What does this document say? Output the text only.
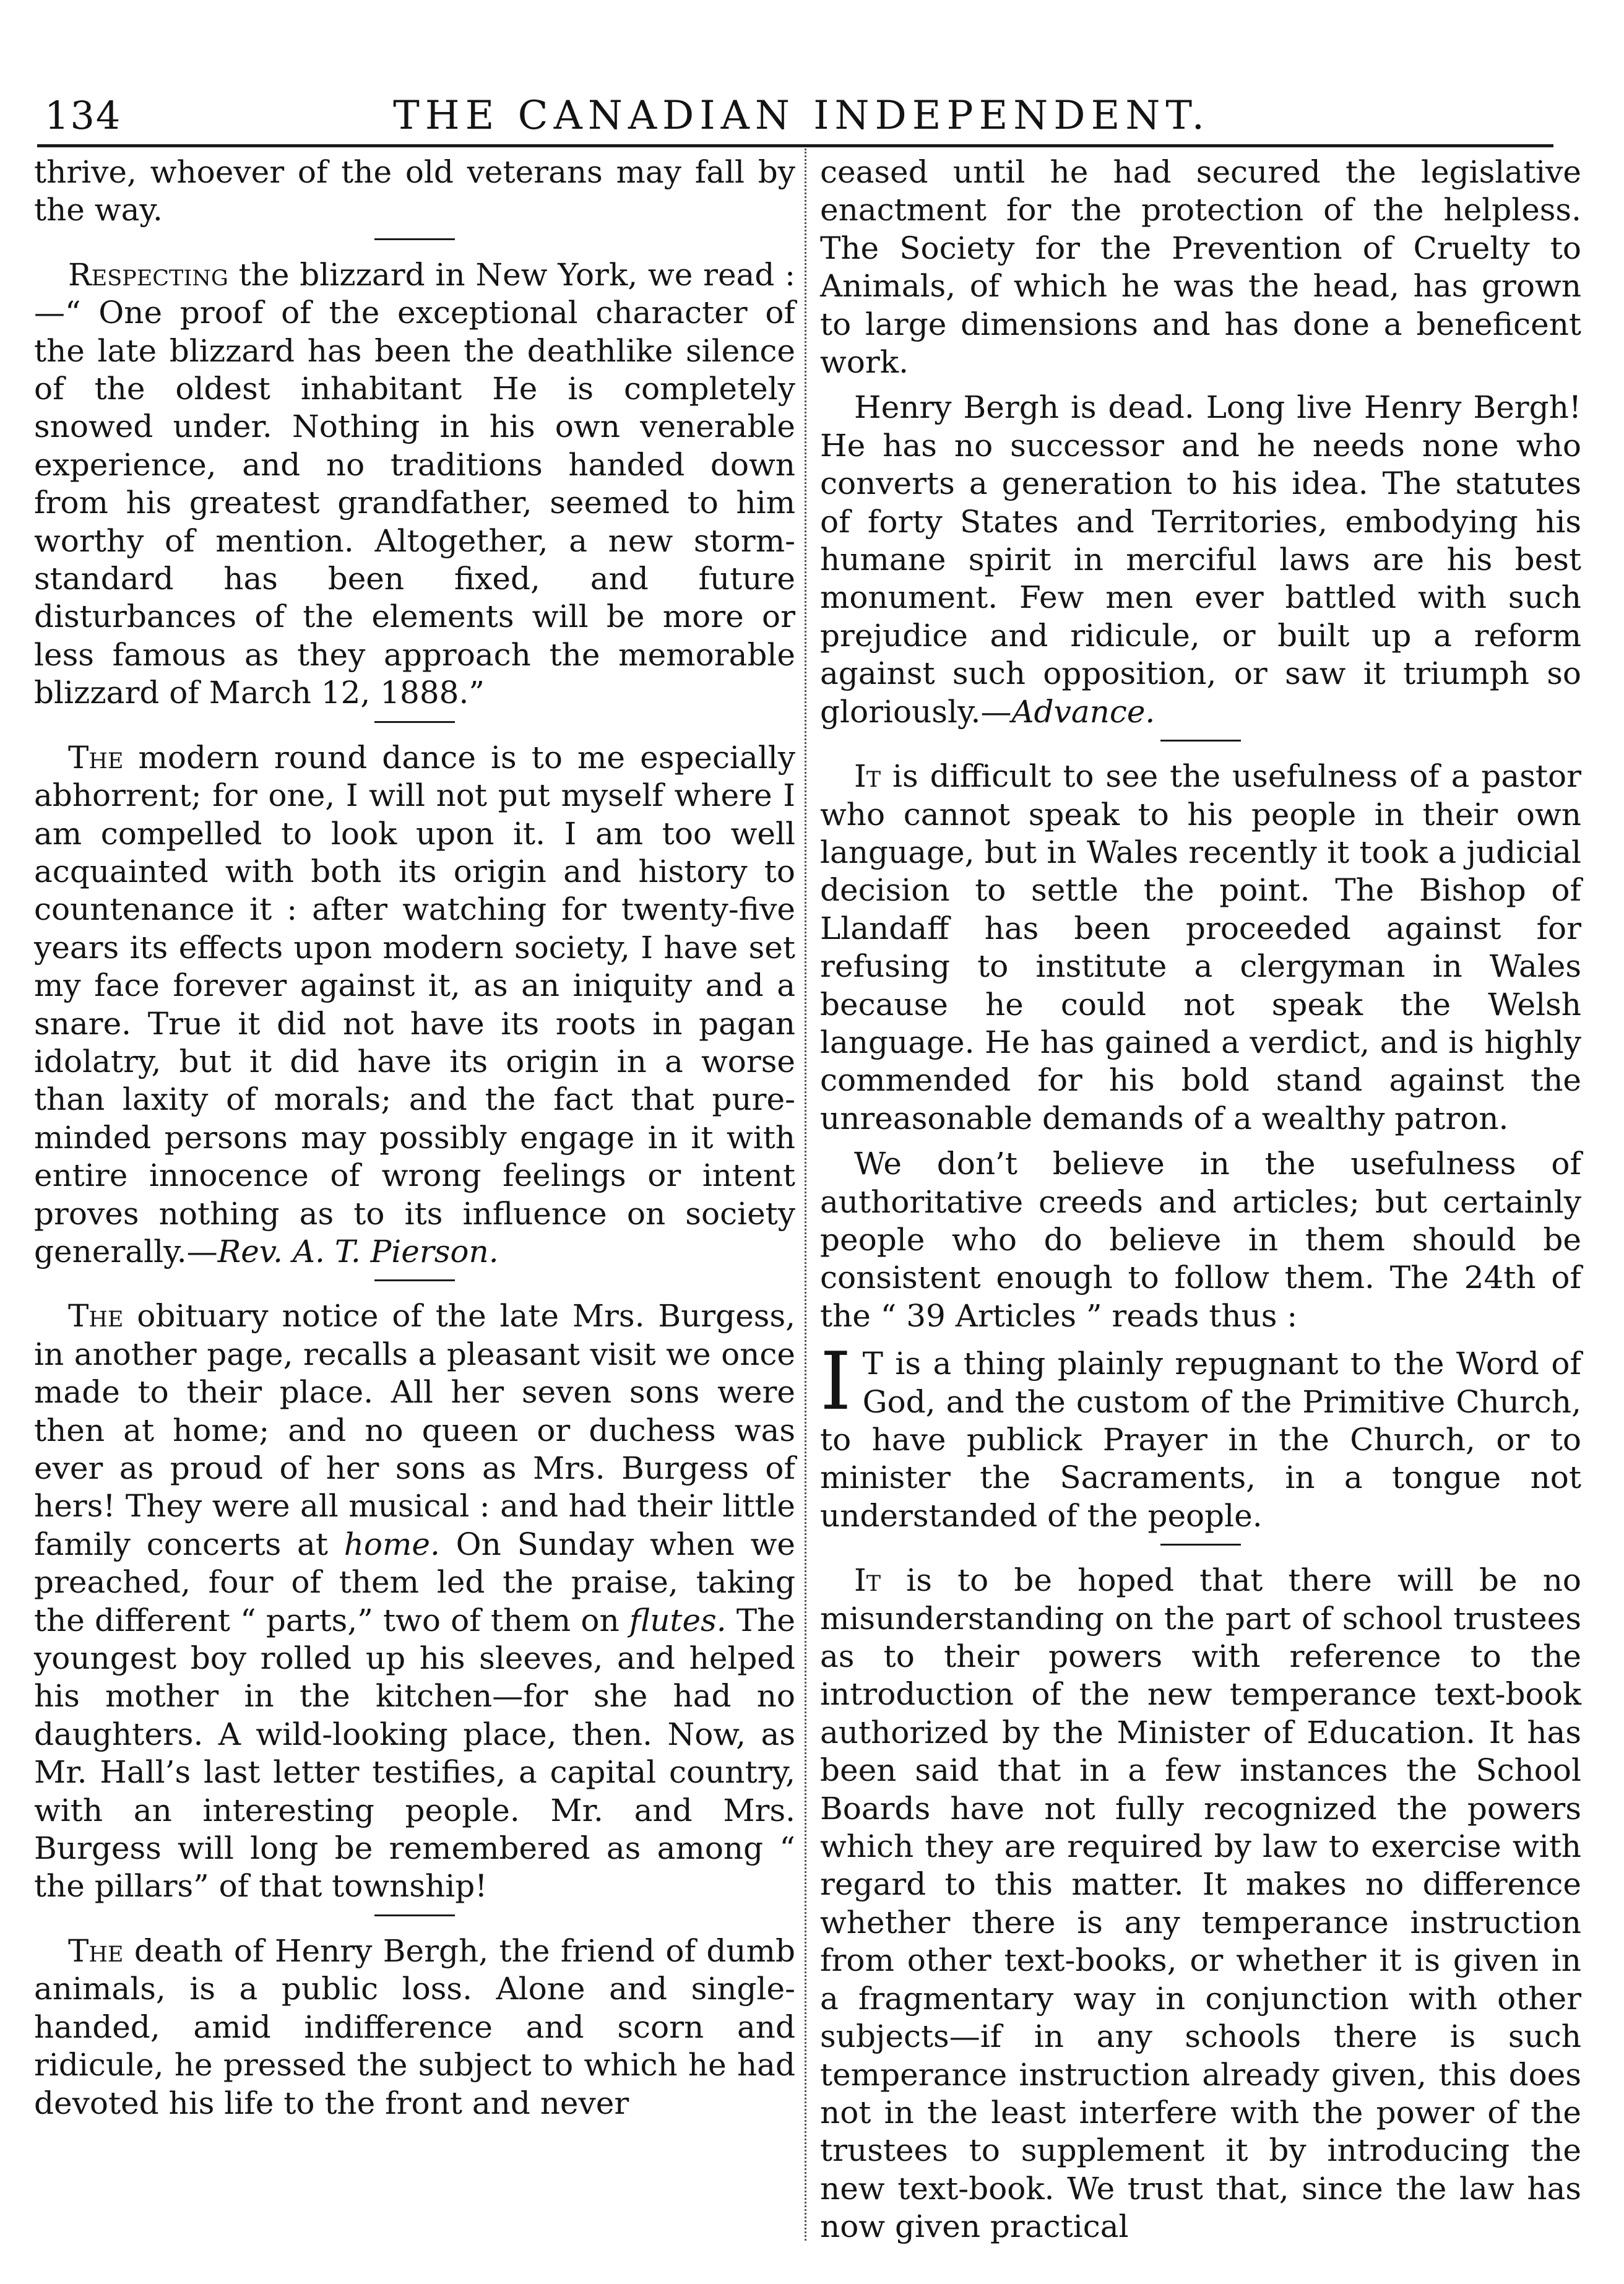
134	THE CANADIAN INDEPENDENT.

thrive, whoever of the old veterans may fall by the way.

Respecting the blizzard in New York, we read :—“ One proof of the exceptional character of the late blizzard has been the deathlike silence of the oldest inhabitant He is completely snowed under. Nothing in his own venerable experience, and no traditions handed down from his greatest grandfather, seemed to him worthy of mention. Altogether, a new storm-standard has been fixed, and future disturbances of the elements will be more or less famous as they approach the memorable blizzard of March 12, 1888.”

The modern round dance is to me especially abhorrent; for one, I will not put myself where I am compelled to look upon it. I am too well acquainted with both its origin and history to countenance it : after watching for twenty-five years its effects upon modern society, I have set my face forever against it, as an iniquity and a snare. True it did not have its roots in pagan idolatry, but it did have its origin in a worse than laxity of morals; and the fact that pure-minded persons may possibly engage in it with entire innocence of wrong feelings or intent proves nothing as to its influence on society generally.—Rev. A. T. Pierson.

The obituary notice of the late Mrs. Burgess, in another page, recalls a pleasant visit we once made to their place. All her seven sons were then at home; and no queen or duchess was ever as proud of her sons as Mrs. Burgess of hers! They were all musical : and had their little family concerts at home. On Sunday when we preached, four of them led the praise, taking the different “ parts,” two of them on flutes. The youngest boy rolled up his sleeves, and helped his mother in the kitchen—for she had no daughters. A wild-looking place, then. Now, as Mr. Hall’s last letter testifies, a capital country, with an interesting people. Mr. and Mrs. Burgess will long be remembered as among “ the pillars” of that township!

The death of Henry Bergh, the friend of dumb animals, is a public loss. Alone and single-handed, amid indifference and scorn and ridicule, he pressed the subject to which he had devoted his life to the front and never

ceased until he had secured the legislative enactment for the protection of the helpless. The Society for the Prevention of Cruelty to Animals, of which he was the head, has grown to large dimensions and has done a beneficent work.

Henry Bergh is dead. Long live Henry Bergh! He has no successor and he needs none who converts a generation to his idea. The statutes of forty States and Territories, embodying his humane spirit in merciful laws are his best monument. Few men ever battled with such prejudice and ridicule, or built up a reform against such opposition, or saw it triumph so gloriously.—Advance.

It is difficult to see the usefulness of a pastor who cannot speak to his people in their own language, but in Wales recently it took a judicial decision to settle the point. The Bishop of Llandaff has been proceeded against for refusing to institute a clergyman in Wales because he could not speak the Welsh language. He has gained a verdict, and is highly commended for his bold stand against the unreasonable demands of a wealthy patron.

We don’t believe in the usefulness of authoritative creeds and articles; but certainly people who do believe in them should be consistent enough to follow them. The 24th of the “ 39 Articles ” reads thus :

I T is a thing plainly repugnant to the Word of God, and the custom of the Primitive Church, to have publick Prayer in the Church, or to minister the Sacraments, in a tongue not understanded of the people.

It is to be hoped that there will be no misunderstanding on the part of school trustees as to their powers with reference to the introduction of the new temperance text-book authorized by the Minister of Education. It has been said that in a few instances the School Boards have not fully recognized the powers which they are required by law to exercise with regard to this matter. It makes no difference whether there is any temperance instruction from other text-books, or whether it is given in a fragmentary way in conjunction with other subjects—if in any schools there is such temperance instruction already given, this does not in the least interfere with the power of the trustees to supplement it by introducing the new text-book. We trust that, since the law has now given practical
